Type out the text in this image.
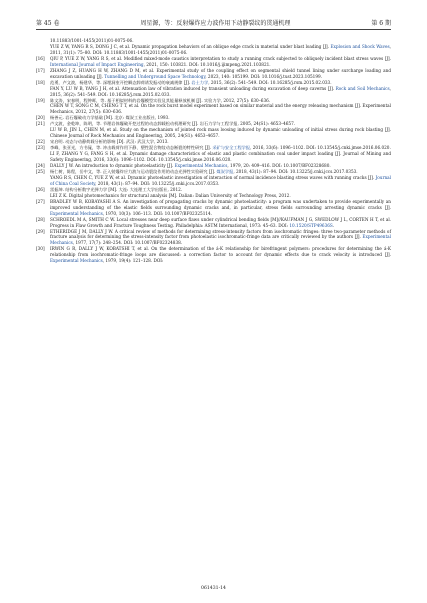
第 45 卷	周星源，等：反射爆炸应力波作用下动静裂纹的贯通机理	第 6 期
10.11883/1001-1455(2011)01-0075-06.
YUE Z W, YANG R S, DONG J C, et al. Dynamic propagation behaviors of an oblique edge crack in material under blast loading [J]. Explosion and Shock Waves, 2011, 31(1): 75–80. DOI: 10.11883/1001-1455(2011)01-0075-06.
[16]	QIU P, YUE Z W, YANG R S, et al. Modified mixed-mode caustics interpretation to study a running crack subjected to obliquely incident blast stress waves [J]. International Journal of Impact Engineering, 2021, 150: 103821. DOI: 10.1016/j.ijimpeng.2021.103821.
[17]	ZHANG J Z, HUANG H W, ZHANG D M, et al. Experimental study of the coupling effect on segmental shield tunnel lining under surcharge loading and excavation unloading [J]. Tunnelling and Underground Space Technology, 2023, 140: 105199. DOI: 10.1016/j.tust.2023.105199.
[18]	范勇，卢文波，杨建华，等. 深埋洞室开挖瞬态卸荷诱发振动的衰减规律 [J]. 岩土力学, 2015, 36(2): 541–549. DOI: 10.16285/j.rsm.2015.02.033.
FAN Y, LU W B, YANG J H, et al. Attenuation law of vibration induced by transient unloading during excavation of deep caverns [J]. Rock and Soil Mechanics, 2015, 36(2): 541–549. DOI: 10.16285/j.rsm.2015.02.033.
[19]	陈文涛，宋春明，程钟晖，等. 基于相似材料的岩爆模型实验及其能量释放机制 [J]. 实验力学, 2012, 27(5): 630–636.
CHEN W T, SONG C M, CHENG T T, et al. On the rock burst model experiment based on similar material and the energy releasing mechanism [J]. Experimental Mechanics, 2012, 27(5): 630–636.
[20]	杨善元. 岩石爆破动力学基础 [M]. 北京: 煤炭工业出版社, 1993.
[21]	卢文波，金乾坤，陈明，等. 节理岩体爆破开挖过程的动态卸载松动机理研究 [J]. 岩石力学与工程学报, 2005, 24(S1): 4653–4657.
LU W B, JIN L, CHEN M, et al. Study on the mechanism of jointed rock mass loosing induced by dynamic unloading of initial stress during rock blasting [J]. Chinese Journal of Rock Mechanics and Engineering, 2005, 24(S1): 4653–4657.
[22]	宋启明. 动态与动静荷载分析的影响 [D]. 武汉: 武汉大学, 2013.
[23]	李峰，张亚光，方书晁，等. 冲击载荷作用下静、塑性混合物纹动态断裂的特性研究 [J]. 采矿与安全工程学报, 2016, 33(6): 1096–1102. DOI: 10.13545/j.cnki.jmse.2016.06.020.
LI F, ZHANG Y G, FANG S H, et al. Dynamic damage characteristics of elastic and plastic combination coal under impact loading [J]. Journal of Mining and Safety Engineering, 2016, 33(6): 1096–1102. DOI: 10.13545/j.cnki.jmse.2016.06.020.
[24]	DALLY J W. An introduction to dynamic photoelasticity [J]. Experimental Mechanics, 1979, 20: 409–416. DOI: 10.1007/BF02328680.
[25]	杨仁树，陈程，岳中文，等. 正入射爆炸应力波与运动裂纹作用的动态光弹性实验研究 [J]. 煤炭学报, 2018, 43(1): 87–94. DOI: 10.13225/j.cnki.jccs.2017.0353.
YANG R S, CHEN C, YUE Z W, et al. Dynamic photoelastic investigation of interaction of normal incidence blasting stress waves with running cracks [J]. Journal of China Coal Society, 2018, 43(1): 87–94. DOI: 10.13225/j.cnki.jccs.2017.0353.
[26]	雷振坤. 结构分析数字光弹力学 [M]. 大连: 大连理工大学出版社, 2012.
LEI Z K. Digital photomechanics for structural analysis [M]. Dalian: Dalian University of Technology Press, 2012.
[27]	BRADLEY W B, KOBAYASHI A S. An investigation of propagating cracks by dynamic photoelasticity: a program was undertaken to provide experimentally an improved understanding of the elastic fields surrounding dynamic cracks and, in particular, stress fields surrounding arresting dynamic cracks [J]. Experimental Mechanics, 1970, 10(3): 106–113. DOI: 10.1007/BF02325114.
[28]	SCHROEDL M A, SMITH C W. Local stresses near deep surface flaws under cylindrical bending fields [M]//KAUFMAN J G, SWEDLOW J L, CORTEN H T, et al. Progress in Flaw Growth and Fracture Toughness Testing. Philadelphia: ASTM International, 1973: 45–63. DOI: 10.1520/STP49636S.
[29]	ETHERIDGE J M, DALLY J W. A critical review of methods for determining stress-intensity factors from isochromatic fringes: three two-parameter methods of fracture analysis for determining the stress-intensity factor from photoelastic isochromatic-fringe data are critically reviewed by the authors [J]. Experimental Mechanics, 1977, 17(7): 248–254. DOI: 10.1007/BF02324838.
[30]	IRWIN G R, DALLY J W, KOBATSHI T, et al. On the determination of the á-K relationship for birefringent polymers: procedures for determining the á-K relationship from isochromatic-fringe loops are discussed: a correction factor to account for dynamic effects due to crack velocity is introduced [J]. Experimental Mechanics, 1979, 19(4): 121–128. DOI:
061431-14
